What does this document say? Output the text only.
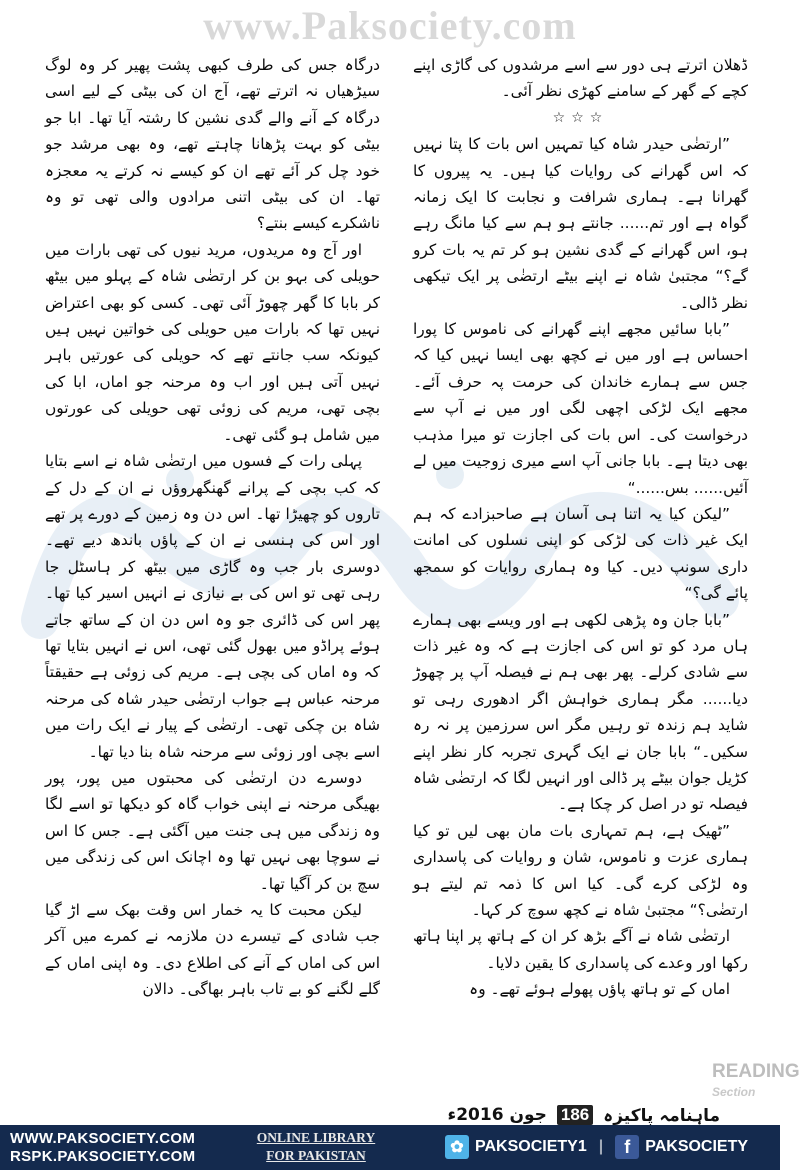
www.Paksociety.com

ڈھلان اترتے ہی دور سے اسے مرشدوں کی گاڑی اپنے کچے کے گھر کے سامنے کھڑی نظر آئی۔

☆☆☆

”ارتضٰی حیدر شاہ کیا تمہیں اس بات کا پتا نہیں کہ اس گھرانے کی روایات کیا ہیں۔ یہ پیروں کا گھرانا ہے۔ ہماری شرافت و نجابت کا ایک زمانہ گواہ ہے اور تم...... جانتے ہو ہم سے کیا مانگ رہے ہو، اس گھرانے کے گدی نشین ہو کر تم یہ بات کرو گے؟“ مجتبیٰ شاہ نے اپنے بیٹے ارتضٰی پر ایک تیکھی نظر ڈالی۔

”بابا سائیں مجھے اپنے گھرانے کی ناموس کا پورا احساس ہے اور میں نے کچھ بھی ایسا نہیں کیا کہ جس سے ہمارے خاندان کی حرمت پہ حرف آئے۔ مجھے ایک لڑکی اچھی لگی اور میں نے آپ سے درخواست کی۔ اس بات کی اجازت تو میرا مذہب بھی دیتا ہے۔ بابا جانی آپ اسے میری زوجیت میں لے آئیں...... بس......“

”لیکن کیا یہ اتنا ہی آسان ہے صاحبزادے کہ ہم ایک غیر ذات کی لڑکی کو اپنی نسلوں کی امانت داری سونپ دیں۔ کیا وہ ہماری روایات کو سمجھ پائے گی؟“

”بابا جان وہ پڑھی لکھی ہے اور ویسے بھی ہمارے ہاں مرد کو تو اس کی اجازت ہے کہ وہ غیر ذات سے شادی کرلے۔ پھر بھی ہم نے فیصلہ آپ پر چھوڑ دیا...... مگر ہماری خواہش اگر ادھوری رہی تو شاید ہم زندہ تو رہیں مگر اس سرزمین پر نہ رہ سکیں۔“ بابا جان نے ایک گہری تجربہ کار نظر اپنے کڑیل جوان بیٹے پر ڈالی اور انہیں لگا کہ ارتضٰی شاہ فیصلہ تو در اصل کر چکا ہے۔

”ٹھیک ہے، ہم تمہاری بات مان بھی لیں تو کیا ہماری عزت و ناموس، شان و روایات کی پاسداری وہ لڑکی کرے گی۔ کیا اس کا ذمہ تم لیتے ہو ارتضٰی؟“ مجتبیٰ شاہ نے کچھ سوچ کر کہا۔

ارتضٰی شاہ نے آگے بڑھ کر ان کے ہاتھ پر اپنا ہاتھ رکھا اور وعدے کی پاسداری کا یقین دلایا۔

اماں کے تو ہاتھ پاؤں پھولے ہوئے تھے۔ وہ

درگاہ جس کی طرف کبھی پشت پھیر کر وہ لوگ سیڑھیاں نہ اترتے تھے، آج ان کی بیٹی کے لیے اسی درگاہ کے آنے والے گدی نشین کا رشتہ آیا تھا۔ ابا جو بیٹی کو بہت پڑھانا چاہتے تھے، وہ بھی مرشد جو خود چل کر آئے تھے ان کو کیسے نہ کرتے یہ معجزہ تھا۔ ان کی بیٹی اتنی مرادوں والی تھی تو وہ ناشکرے کیسے بنتے؟

اور آج وہ مریدوں، مرید نیوں کی تھی بارات میں حویلی کی بہو بن کر ارتضٰی شاہ کے پہلو میں بیٹھ کر بابا کا گھر چھوڑ آئی تھی۔ کسی کو بھی اعتراض نہیں تھا کہ بارات میں حویلی کی خواتین نہیں ہیں کیونکہ سب جانتے تھے کہ حویلی کی عورتیں باہر نہیں آتی ہیں اور اب وہ مرحنہ جو اماں، ابا کی بچی تھی، مریم کی زوئی تھی حویلی کی عورتوں میں شامل ہو گئی تھی۔

پہلی رات کے فسوں میں ارتضٰی شاہ نے اسے بتایا کہ کب بچی کے پرانے گھنگھروؤں نے ان کے دل کے تاروں کو چھیڑا تھا۔ اس دن وہ زمین کے دورے پر تھے اور اس کی ہنسی نے ان کے پاؤں باندھ دیے تھے۔ دوسری بار جب وہ گاڑی میں بیٹھ کر ہاسٹل جا رہی تھی تو اس کی بے نیازی نے انہیں اسیر کیا تھا۔ پھر اس کی ڈائری جو وہ اس دن ان کے ساتھ جاتے ہوئے پراڈو میں بھول گئی تھی، اس نے انہیں بتایا تھا کہ وہ اماں کی بچی ہے۔ مریم کی زوئی ہے حقیقتاً مرحنہ عباس ہے جواب ارتضٰی حیدر شاہ کی مرحنہ شاہ بن چکی تھی۔ ارتضٰی کے پیار نے ایک رات میں اسے بچی اور زوئی سے مرحنہ شاہ بنا دیا تھا۔

دوسرے دن ارتضٰی کی محبتوں میں پور، پور بھیگی مرحنہ نے اپنی خواب گاہ کو دیکھا تو اسے لگا وہ زندگی میں ہی جنت میں آگئی ہے۔ جس کا اس نے سوچا بھی نہیں تھا وہ اچانک اس کی زندگی میں سچ بن کر آگیا تھا۔

لیکن محبت کا یہ خمار اس وقت بھک سے اڑ گیا جب شادی کے تیسرے دن ملازمہ نے کمرے میں آکر اس کی اماں کے آنے کی اطلاع دی۔ وہ اپنی اماں کے گلے لگنے کو بے تاب باہر بھاگی۔ دالان

READING
Section
ماہنامہ پاکیزہ
186
جون 2016ء
WWW.PAKSOCIETY.COM
RSPK.PAKSOCIETY.COM
ONLINE LIBRARY
FOR PAKISTAN	✿ PAKSOCIETY1 |	f PAKSOCIETY
